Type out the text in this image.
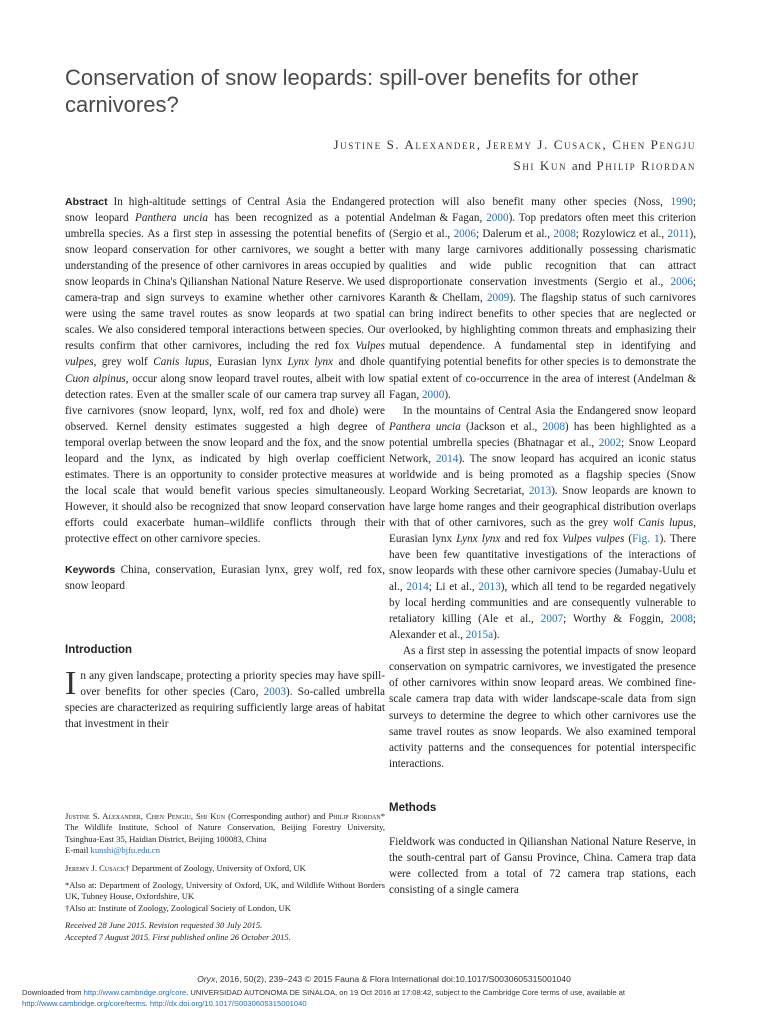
Conservation of snow leopards: spill-over benefits for other carnivores?
Justine S. Alexander, Jeremy J. Cusack, Chen Pengju
Shi Kun and Philip Riordan

Abstract In high-altitude settings of Central Asia the Endangered snow leopard Panthera uncia has been recognized as a potential umbrella species. As a first step in assessing the potential benefits of snow leopard conservation for other carnivores, we sought a better understanding of the presence of other carnivores in areas occupied by snow leopards in China's Qilianshan National Nature Reserve. We used camera-trap and sign surveys to examine whether other carnivores were using the same travel routes as snow leopards at two spatial scales. We also considered temporal interactions between species. Our results confirm that other carnivores, including the red fox Vulpes vulpes, grey wolf Canis lupus, Eurasian lynx Lynx lynx and dhole Cuon alpinus, occur along snow leopard travel routes, albeit with low detection rates. Even at the smaller scale of our camera trap survey all five carnivores (snow leopard, lynx, wolf, red fox and dhole) were observed. Kernel density estimates suggested a high degree of temporal overlap between the snow leopard and the fox, and the snow leopard and the lynx, as indicated by high overlap coefficient estimates. There is an opportunity to consider protective measures at the local scale that would benefit various species simultaneously. However, it should also be recognized that snow leopard conservation efforts could exacerbate human–wildlife conflicts through their protective effect on other carnivore species.

Keywords China, conservation, Eurasian lynx, grey wolf, red fox, snow leopard

Introduction

In any given landscape, protecting a priority species may have spill-over benefits for other species (Caro, 2003). So-called umbrella species are characterized as requiring sufficiently large areas of habitat that investment in their

Justine S. Alexander, Chen Pengju, Shi Kun (Corresponding author) and Philip Riordan* The Wildlife Institute, School of Nature Conservation, Beijing Forestry University, Tsinghua-East 35, Haidian District, Beijing 100083, China
E-mail kunshi@bjfu.edu.cn

Jeremy J. Cusack† Department of Zoology, University of Oxford, UK

*Also at: Department of Zoology, University of Oxford, UK, and Wildlife Without Borders UK, Tubney House, Oxfordshire, UK

†Also at: Institute of Zoology, Zoological Society of London, UK

Received 28 June 2015. Revision requested 30 July 2015.

Accepted 7 August 2015. First published online 26 October 2015.

protection will also benefit many other species (Noss, 1990; Andelman & Fagan, 2000). Top predators often meet this criterion (Sergio et al., 2006; Dalerum et al., 2008; Rozylowicz et al., 2011), with many large carnivores additionally possessing charismatic qualities and wide public recognition that can attract disproportionate conservation investments (Sergio et al., 2006; Karanth & Chellam, 2009). The flagship status of such carnivores can bring indirect benefits to other species that are neglected or overlooked, by highlighting common threats and emphasizing their mutual dependence. A fundamental step in identifying and quantifying potential benefits for other species is to demonstrate the spatial extent of co-occurrence in the area of interest (Andelman & Fagan, 2000).

In the mountains of Central Asia the Endangered snow leopard Panthera uncia (Jackson et al., 2008) has been highlighted as a potential umbrella species (Bhatnagar et al., 2002; Snow Leopard Network, 2014). The snow leopard has acquired an iconic status worldwide and is being promoted as a flagship species (Snow Leopard Working Secretariat, 2013). Snow leopards are known to have large home ranges and their geographical distribution overlaps with that of other carnivores, such as the grey wolf Canis lupus, Eurasian lynx Lynx lynx and red fox Vulpes vulpes (Fig. 1). There have been few quantitative investigations of the interactions of snow leopards with these other carnivore species (Jumabay-Uulu et al., 2014; Li et al., 2013), which all tend to be regarded negatively by local herding communities and are consequently vulnerable to retaliatory killing (Ale et al., 2007; Worthy & Foggin, 2008; Alexander et al., 2015a).

As a first step in assessing the potential impacts of snow leopard conservation on sympatric carnivores, we investigated the presence of other carnivores within snow leopard areas. We combined fine-scale camera trap data with wider landscape-scale data from sign surveys to determine the degree to which other carnivores use the same travel routes as snow leopards. We also examined temporal activity patterns and the consequences for potential interspecific interactions.

Methods

Fieldwork was conducted in Qilianshan National Nature Reserve, in the south-central part of Gansu Province, China. Camera trap data were collected from a total of 72 camera trap stations, each consisting of a single camera

Oryx, 2016, 50(2), 239–243 © 2015 Fauna & Flora International doi:10.1017/S0030605315001040
Downloaded from http://www.cambridge.org/core. UNIVERSIDAD AUTONOMA DE SINALOA, on 19 Oct 2016 at 17:08:42, subject to the Cambridge Core terms of use, available at
http://www.cambridge.org/core/terms. http://dx.doi.org/10.1017/S0030605315001040
